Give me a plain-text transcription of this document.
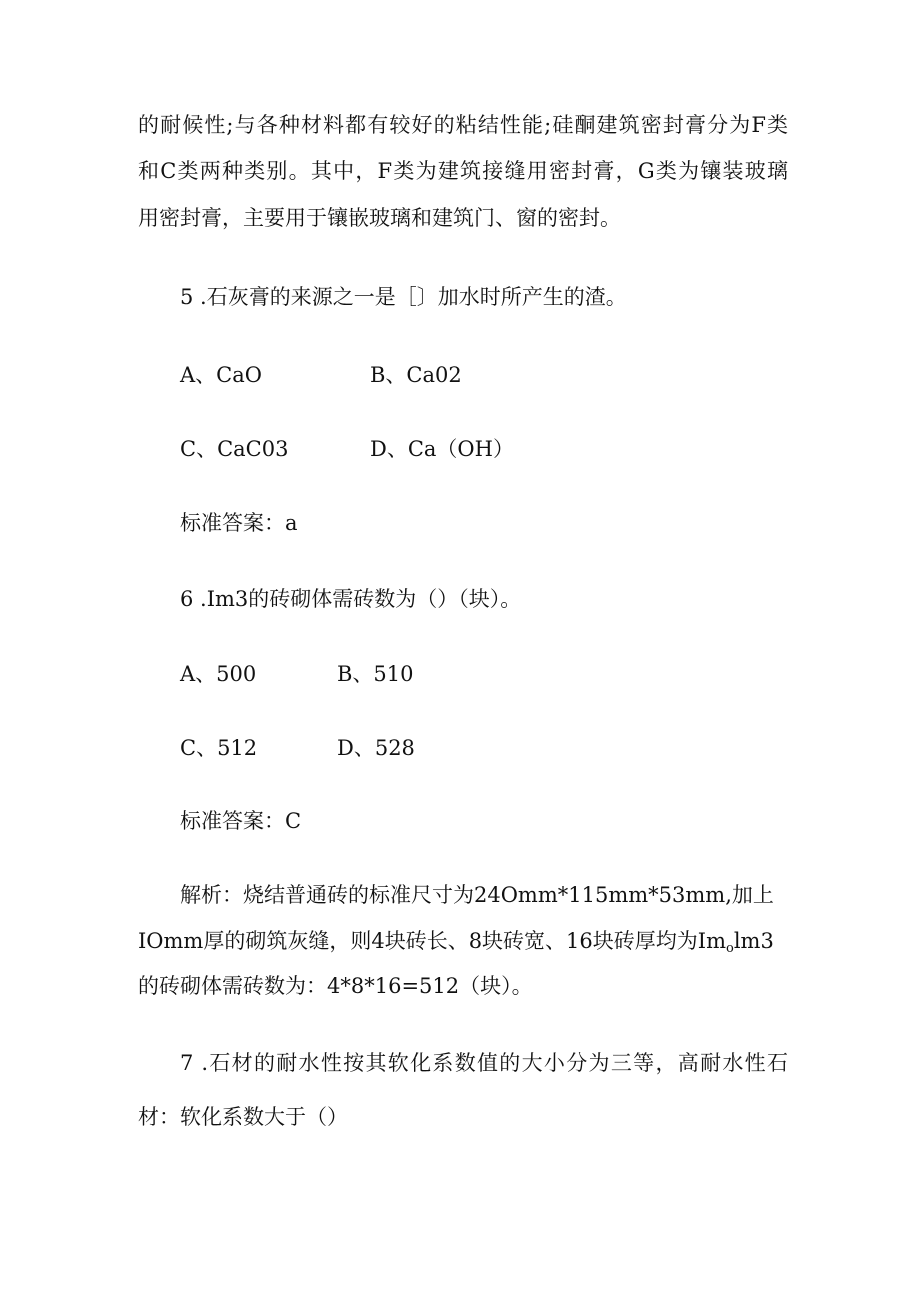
的耐候性;与各种材料都有较好的粘结性能;硅酮建筑密封膏分为F类
和C类两种类别。其中，F类为建筑接缝用密封膏，G类为镶装玻璃
用密封膏，主要用于镶嵌玻璃和建筑门、窗的密封。
5 .石灰膏的来源之一是［〕加水时所产生的渣。
A、CaO	B、Ca02
C、CaC03	D、Ca（OH）
标准答案：a
6 .Im3的砖砌体需砖数为（）（块）。
A、500	B、510
C、512	D、528
标准答案：C
解析：烧结普通砖的标准尺寸为24Omm*115mm*53mm,加上
IOmm厚的砌筑灰缝，则4块砖长、8块砖宽、16块砖厚均为Imolm3
的砖砌体需砖数为：4*8*16=512（块）。
7 .石材的耐水性按其软化系数值的大小分为三等，高耐水性石
材：软化系数大于（）
